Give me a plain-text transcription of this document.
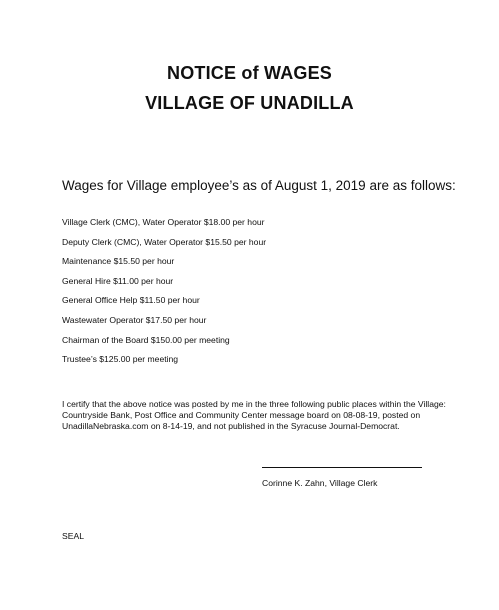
NOTICE of WAGES
VILLAGE OF UNADILLA
Wages for Village employee’s as of August 1, 2019 are as follows:
Village Clerk (CMC), Water Operator $18.00 per hour
Deputy Clerk (CMC), Water Operator $15.50 per hour
Maintenance $15.50 per hour
General Hire $11.00 per hour
General Office Help $11.50 per hour
Wastewater Operator $17.50 per hour
Chairman of the Board $150.00 per meeting
Trustee’s $125.00 per meeting
I certify that the above notice was posted by me in the three following public places within the Village:
Countryside Bank, Post Office and Community Center message board on 08-08-19, posted on
UnadillaNebraska.com on 8-14-19, and not published in the Syracuse Journal-Democrat.
Corinne K. Zahn, Village Clerk
SEAL
